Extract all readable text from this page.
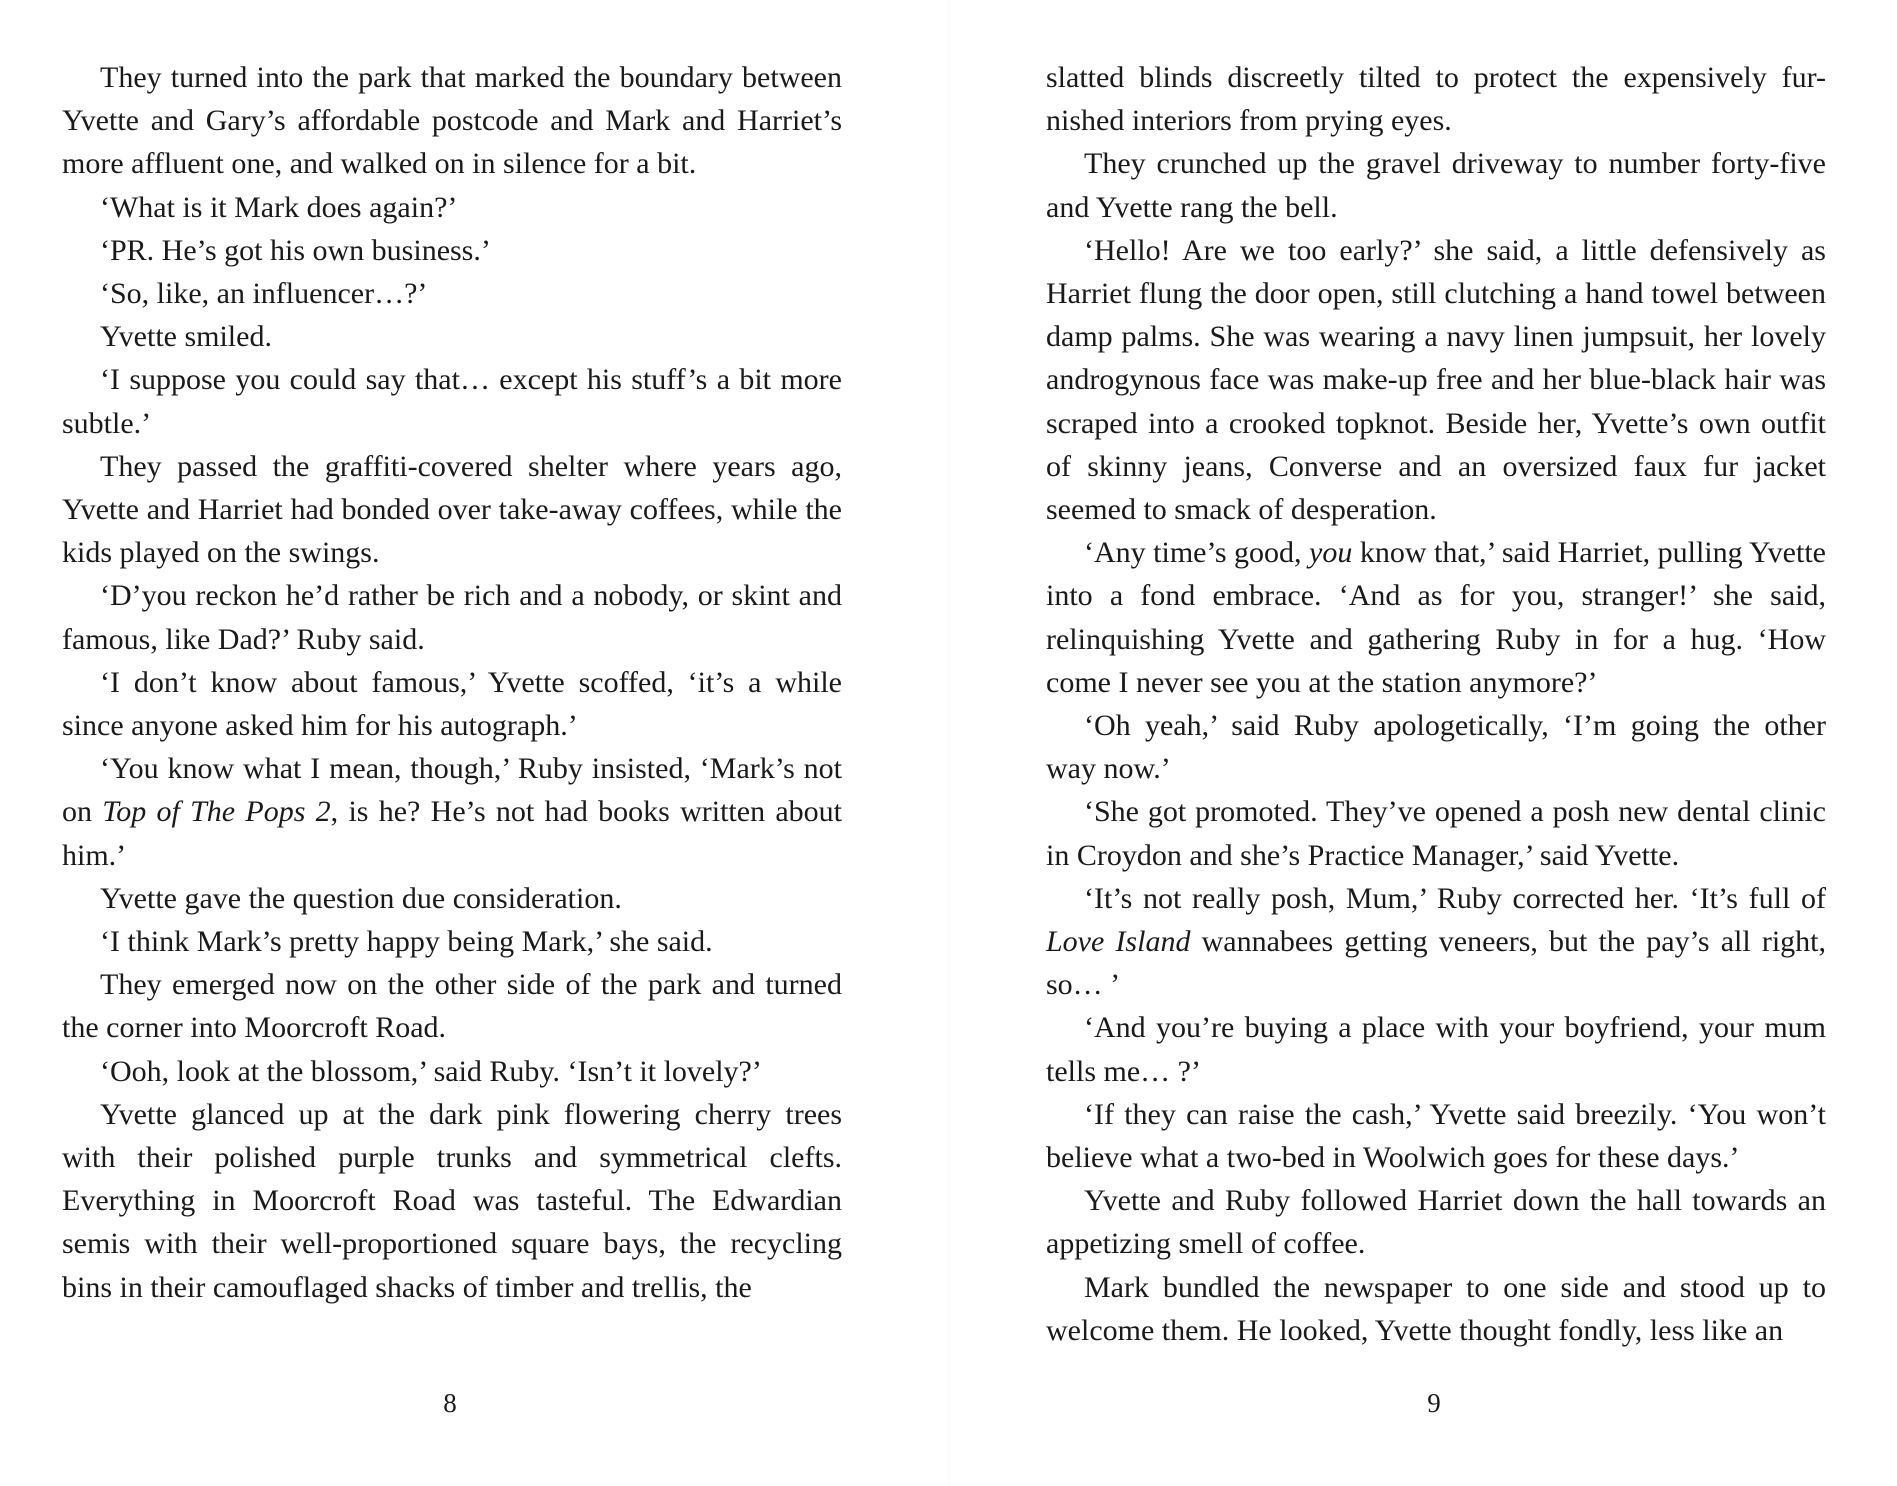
They turned into the park that marked the boundary between Yvette and Gary’s affordable postcode and Mark and Harriet’s more affluent one, and walked on in silence for a bit.

‘What is it Mark does again?’

‘PR. He’s got his own business.’

‘So, like, an influencer…?’

Yvette smiled.

‘I suppose you could say that… except his stuff’s a bit more subtle.’

They passed the graffiti-covered shelter where years ago, Yvette and Harriet had bonded over take-away coffees, while the kids played on the swings.

‘D’you reckon he’d rather be rich and a nobody, or skint and famous, like Dad?’ Ruby said.

‘I don’t know about famous,’ Yvette scoffed, ‘it’s a while since anyone asked him for his autograph.’

‘You know what I mean, though,’ Ruby insisted, ‘Mark’s not on Top of The Pops 2, is he? He’s not had books written about him.’

Yvette gave the question due consideration.

‘I think Mark’s pretty happy being Mark,’ she said.

They emerged now on the other side of the park and turned the corner into Moorcroft Road.

‘Ooh, look at the blossom,’ said Ruby. ‘Isn’t it lovely?’

Yvette glanced up at the dark pink flowering cherry trees with their polished purple trunks and symmetrical clefts. Everything in Moorcroft Road was tasteful. The Edwardian semis with their well-proportioned square bays, the recycling bins in their camouflaged shacks of timber and trellis, the

8

slatted blinds discreetly tilted to protect the expensively fur-nished interiors from prying eyes.

They crunched up the gravel driveway to number forty-five and Yvette rang the bell.

‘Hello! Are we too early?’ she said, a little defensively as Harriet flung the door open, still clutching a hand towel between damp palms. She was wearing a navy linen jumpsuit, her lovely androgynous face was make-up free and her blue-black hair was scraped into a crooked topknot. Beside her, Yvette’s own outfit of skinny jeans, Converse and an oversized faux fur jacket seemed to smack of desperation.

‘Any time’s good, you know that,’ said Harriet, pulling Yvette into a fond embrace. ‘And as for you, stranger!’ she said, relinquishing Yvette and gathering Ruby in for a hug. ‘How come I never see you at the station anymore?’

‘Oh yeah,’ said Ruby apologetically, ‘I’m going the other way now.’

‘She got promoted. They’ve opened a posh new dental clinic in Croydon and she’s Practice Manager,’ said Yvette.

‘It’s not really posh, Mum,’ Ruby corrected her. ‘It’s full of Love Island wannabees getting veneers, but the pay’s all right, so… ’

‘And you’re buying a place with your boyfriend, your mum tells me… ?’

‘If they can raise the cash,’ Yvette said breezily. ‘You won’t believe what a two-bed in Woolwich goes for these days.’

Yvette and Ruby followed Harriet down the hall towards an appetizing smell of coffee.

Mark bundled the newspaper to one side and stood up to welcome them. He looked, Yvette thought fondly, less like an

9
